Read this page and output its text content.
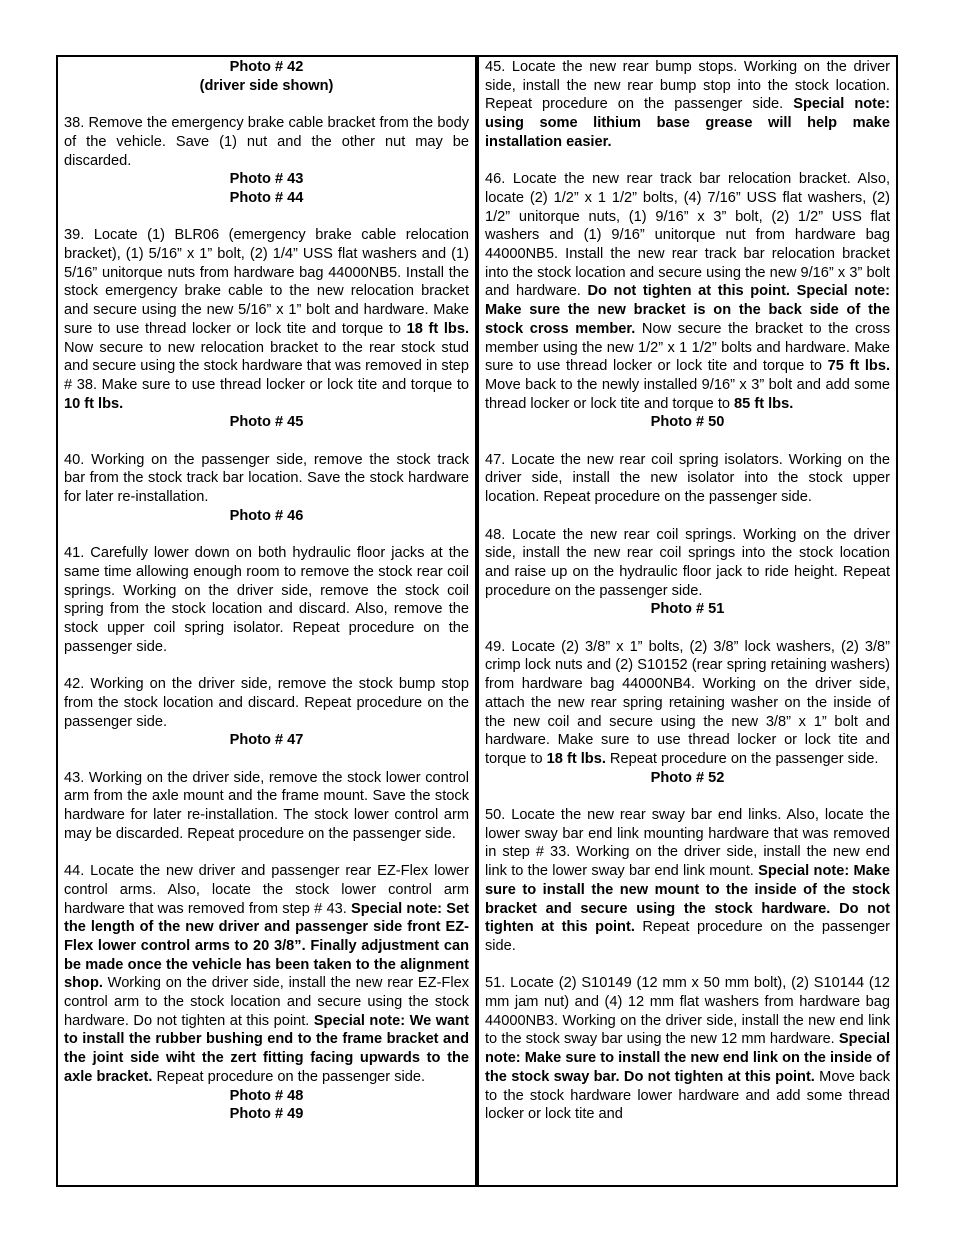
Photo # 42

(driver side shown)

38. Remove the emergency brake cable bracket from the body of the vehicle. Save (1) nut and the other nut may be discarded.

Photo # 43

Photo # 44

39. Locate (1) BLR06 (emergency brake cable relocation bracket), (1) 5/16” x 1” bolt, (2) 1/4” USS flat washers and (1) 5/16” unitorque nuts from hardware bag 44000NB5. Install the stock emergency brake cable to the new relocation bracket and secure using the new 5/16” x 1” bolt and hardware. Make sure to use thread locker or lock tite and torque to 18 ft lbs. Now secure to new relocation bracket to the rear stock stud and secure using the stock hardware that was removed in step # 38. Make sure to use thread locker or lock tite and torque to 10 ft lbs.

Photo # 45

40. Working on the passenger side, remove the stock track bar from the stock track bar location. Save the stock hardware for later re-installation.

Photo # 46

41. Carefully lower down on both hydraulic floor jacks at the same time allowing enough room to remove the stock rear coil springs. Working on the driver side, remove the stock coil spring from the stock location and discard. Also, remove the stock upper coil spring isolator. Repeat procedure on the passenger side.

42. Working on the driver side, remove the stock bump stop from the stock location and discard. Repeat procedure on the passenger side.

Photo # 47

43. Working on the driver side, remove the stock lower control arm from the axle mount and the frame mount. Save the stock hardware for later re-installation. The stock lower control arm may be discarded. Repeat procedure on the passenger side.

44. Locate the new driver and passenger rear EZ-Flex lower control arms. Also, locate the stock lower control arm hardware that was removed from step # 43. Special note: Set the length of the new driver and passenger side front EZ-Flex lower control arms to 20 3/8”. Finally adjustment can be made once the vehicle has been taken to the alignment shop. Working on the driver side, install the new rear EZ-Flex control arm to the stock location and secure using the stock hardware. Do not tighten at this point. Special note: We want to install the rubber bushing end to the frame bracket and the joint side wiht the zert fitting facing upwards to the axle bracket. Repeat procedure on the passenger side.

Photo # 48

Photo # 49

45. Locate the new rear bump stops. Working on the driver side, install the new rear bump stop into the stock location. Repeat procedure on the passenger side. Special note: using some lithium base grease will help make installation easier.

46. Locate the new rear track bar relocation bracket. Also, locate (2) 1/2” x 1 1/2” bolts, (4) 7/16” USS flat washers, (2) 1/2” unitorque nuts, (1) 9/16” x 3” bolt, (2) 1/2” USS flat washers and (1) 9/16” unitorque nut from hardware bag 44000NB5. Install the new rear track bar relocation bracket into the stock location and secure using the new 9/16” x 3” bolt and hardware. Do not tighten at this point. Special note: Make sure the new bracket is on the back side of the stock cross member. Now secure the bracket to the cross member using the new 1/2” x 1 1/2” bolts and hardware. Make sure to use thread locker or lock tite and torque to 75 ft lbs. Move back to the newly installed 9/16” x 3” bolt and add some thread locker or lock tite and torque to 85 ft lbs.

Photo # 50

47. Locate the new rear coil spring isolators. Working on the driver side, install the new isolator into the stock upper location. Repeat procedure on the passenger side.

48. Locate the new rear coil springs. Working on the driver side, install the new rear coil springs into the stock location and raise up on the hydraulic floor jack to ride height. Repeat procedure on the passenger side.

Photo # 51

49. Locate (2) 3/8” x 1” bolts, (2) 3/8” lock washers, (2) 3/8” crimp lock nuts and (2) S10152 (rear spring retaining washers) from hardware bag 44000NB4. Working on the driver side, attach the new rear spring retaining washer on the inside of the new coil and secure using the new 3/8” x 1” bolt and hardware. Make sure to use thread locker or lock tite and torque to 18 ft lbs. Repeat procedure on the passenger side.

Photo # 52

50. Locate the new rear sway bar end links. Also, locate the lower sway bar end link mounting hardware that was removed in step # 33. Working on the driver side, install the new end link to the lower sway bar end link mount. Special note: Make sure to install the new mount to the inside of the stock bracket and secure using the stock hardware. Do not tighten at this point. Repeat procedure on the passenger side.

51. Locate (2) S10149 (12 mm x 50 mm bolt), (2) S10144 (12 mm jam nut) and (4) 12 mm flat washers from hardware bag 44000NB3. Working on the driver side, install the new end link to the stock sway bar using the new 12 mm hardware. Special note: Make sure to install the new end link on the inside of the stock sway bar. Do not tighten at this point. Move back to the stock hardware lower hardware and add some thread locker or lock tite and
